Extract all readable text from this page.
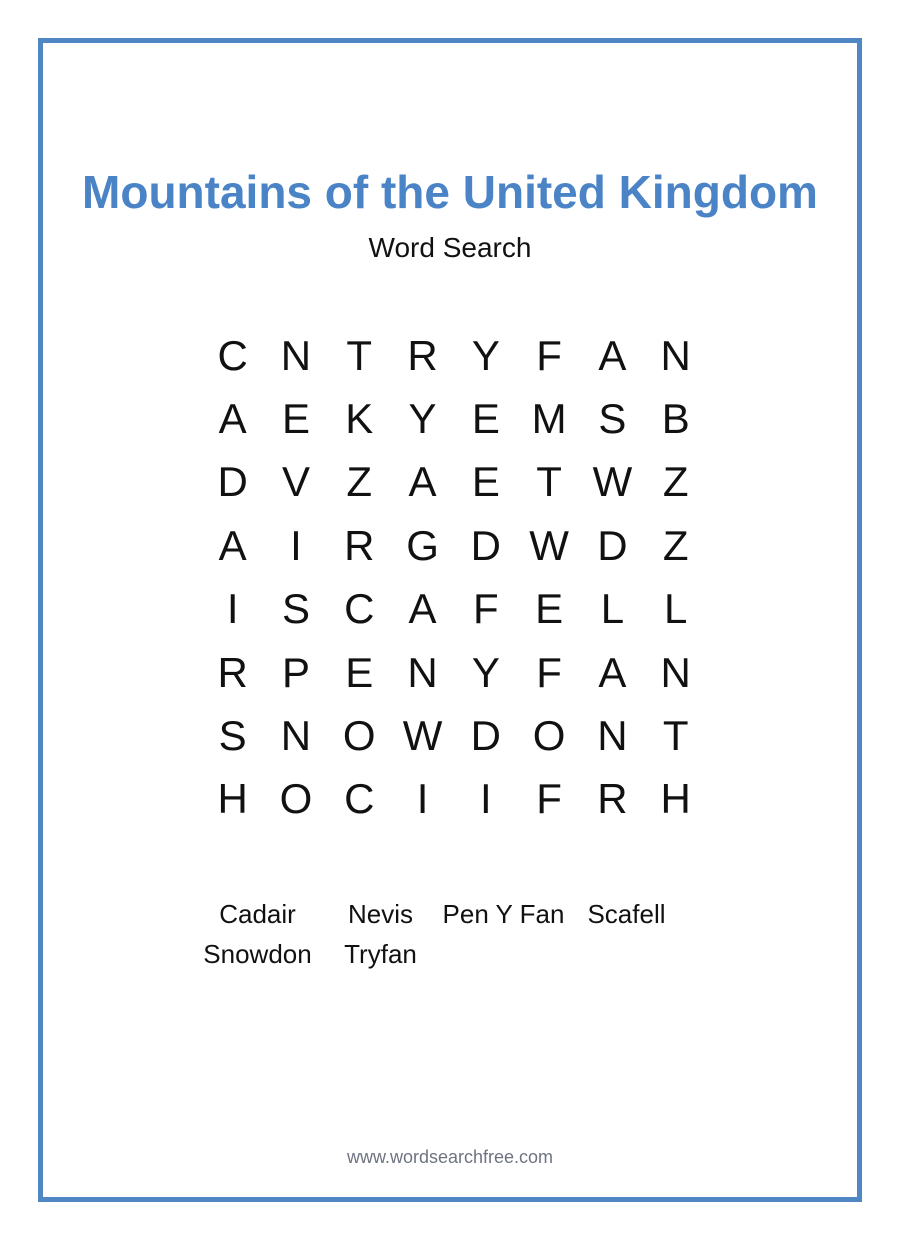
Mountains of the United Kingdom
Word Search
C N T R Y F A N
A E K Y E M S B
D V Z A E T W Z
A	I	R G D W D Z
I	S C A F E L L
R P E N Y F A N
S N O W D O N T
H O C	I	I	F R H
Cadair	Nevis	Pen Y Fan Scafell
Snowdon	Tryfan
www.wordsearchfree.com
